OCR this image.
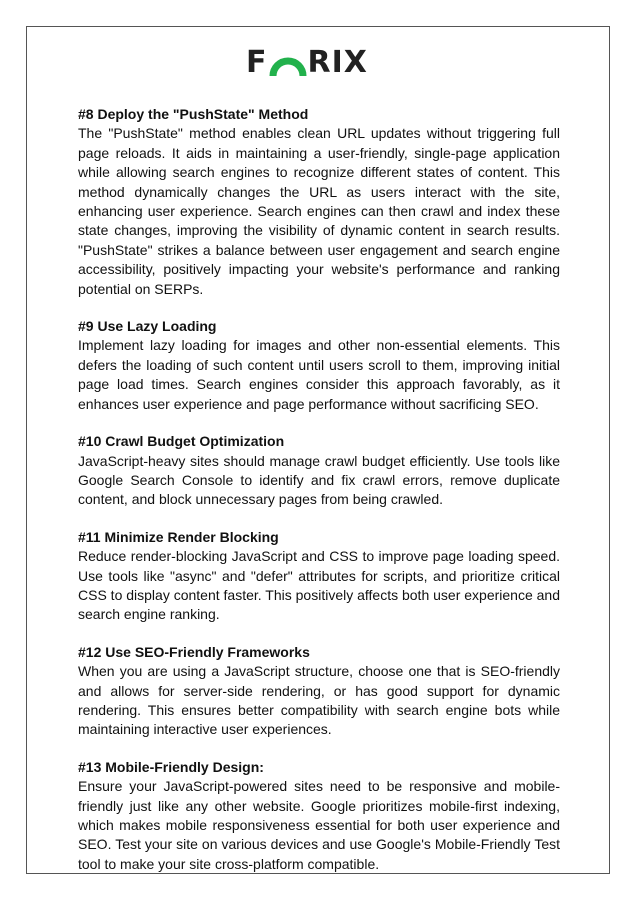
F RIX
#8 Deploy the "PushState" Method

The "PushState" method enables clean URL updates without triggering full page reloads. It aids in maintaining a user-friendly, single-page application while allowing search engines to recognize different states of content. This method dynamically changes the URL as users interact with the site, enhancing user experience. Search engines can then crawl and index these state changes, improving the visibility of dynamic content in search results. "PushState" strikes a balance between user engagement and search engine accessibility, positively impacting your website's performance and ranking potential on SERPs.

#9 Use Lazy Loading

Implement lazy loading for images and other non-essential elements. This defers the loading of such content until users scroll to them, improving initial page load times. Search engines consider this approach favorably, as it enhances user experience and page performance without sacrificing SEO.

#10 Crawl Budget Optimization

JavaScript-heavy sites should manage crawl budget efficiently. Use tools like Google Search Console to identify and fix crawl errors, remove duplicate content, and block unnecessary pages from being crawled.

#11 Minimize Render Blocking

Reduce render-blocking JavaScript and CSS to improve page loading speed. Use tools like "async" and "defer" attributes for scripts, and prioritize critical CSS to display content faster. This positively affects both user experience and search engine ranking.

#12 Use SEO-Friendly Frameworks

When you are using a JavaScript structure, choose one that is SEO-friendly and allows for server-side rendering, or has good support for dynamic rendering. This ensures better compatibility with search engine bots while maintaining interactive user experiences.

#13 Mobile-Friendly Design:

Ensure your JavaScript-powered sites need to be responsive and mobile-friendly just like any other website. Google prioritizes mobile-first indexing, which makes mobile responsiveness essential for both user experience and SEO. Test your site on various devices and use Google's Mobile-Friendly Test tool to make your site cross-platform compatible.
